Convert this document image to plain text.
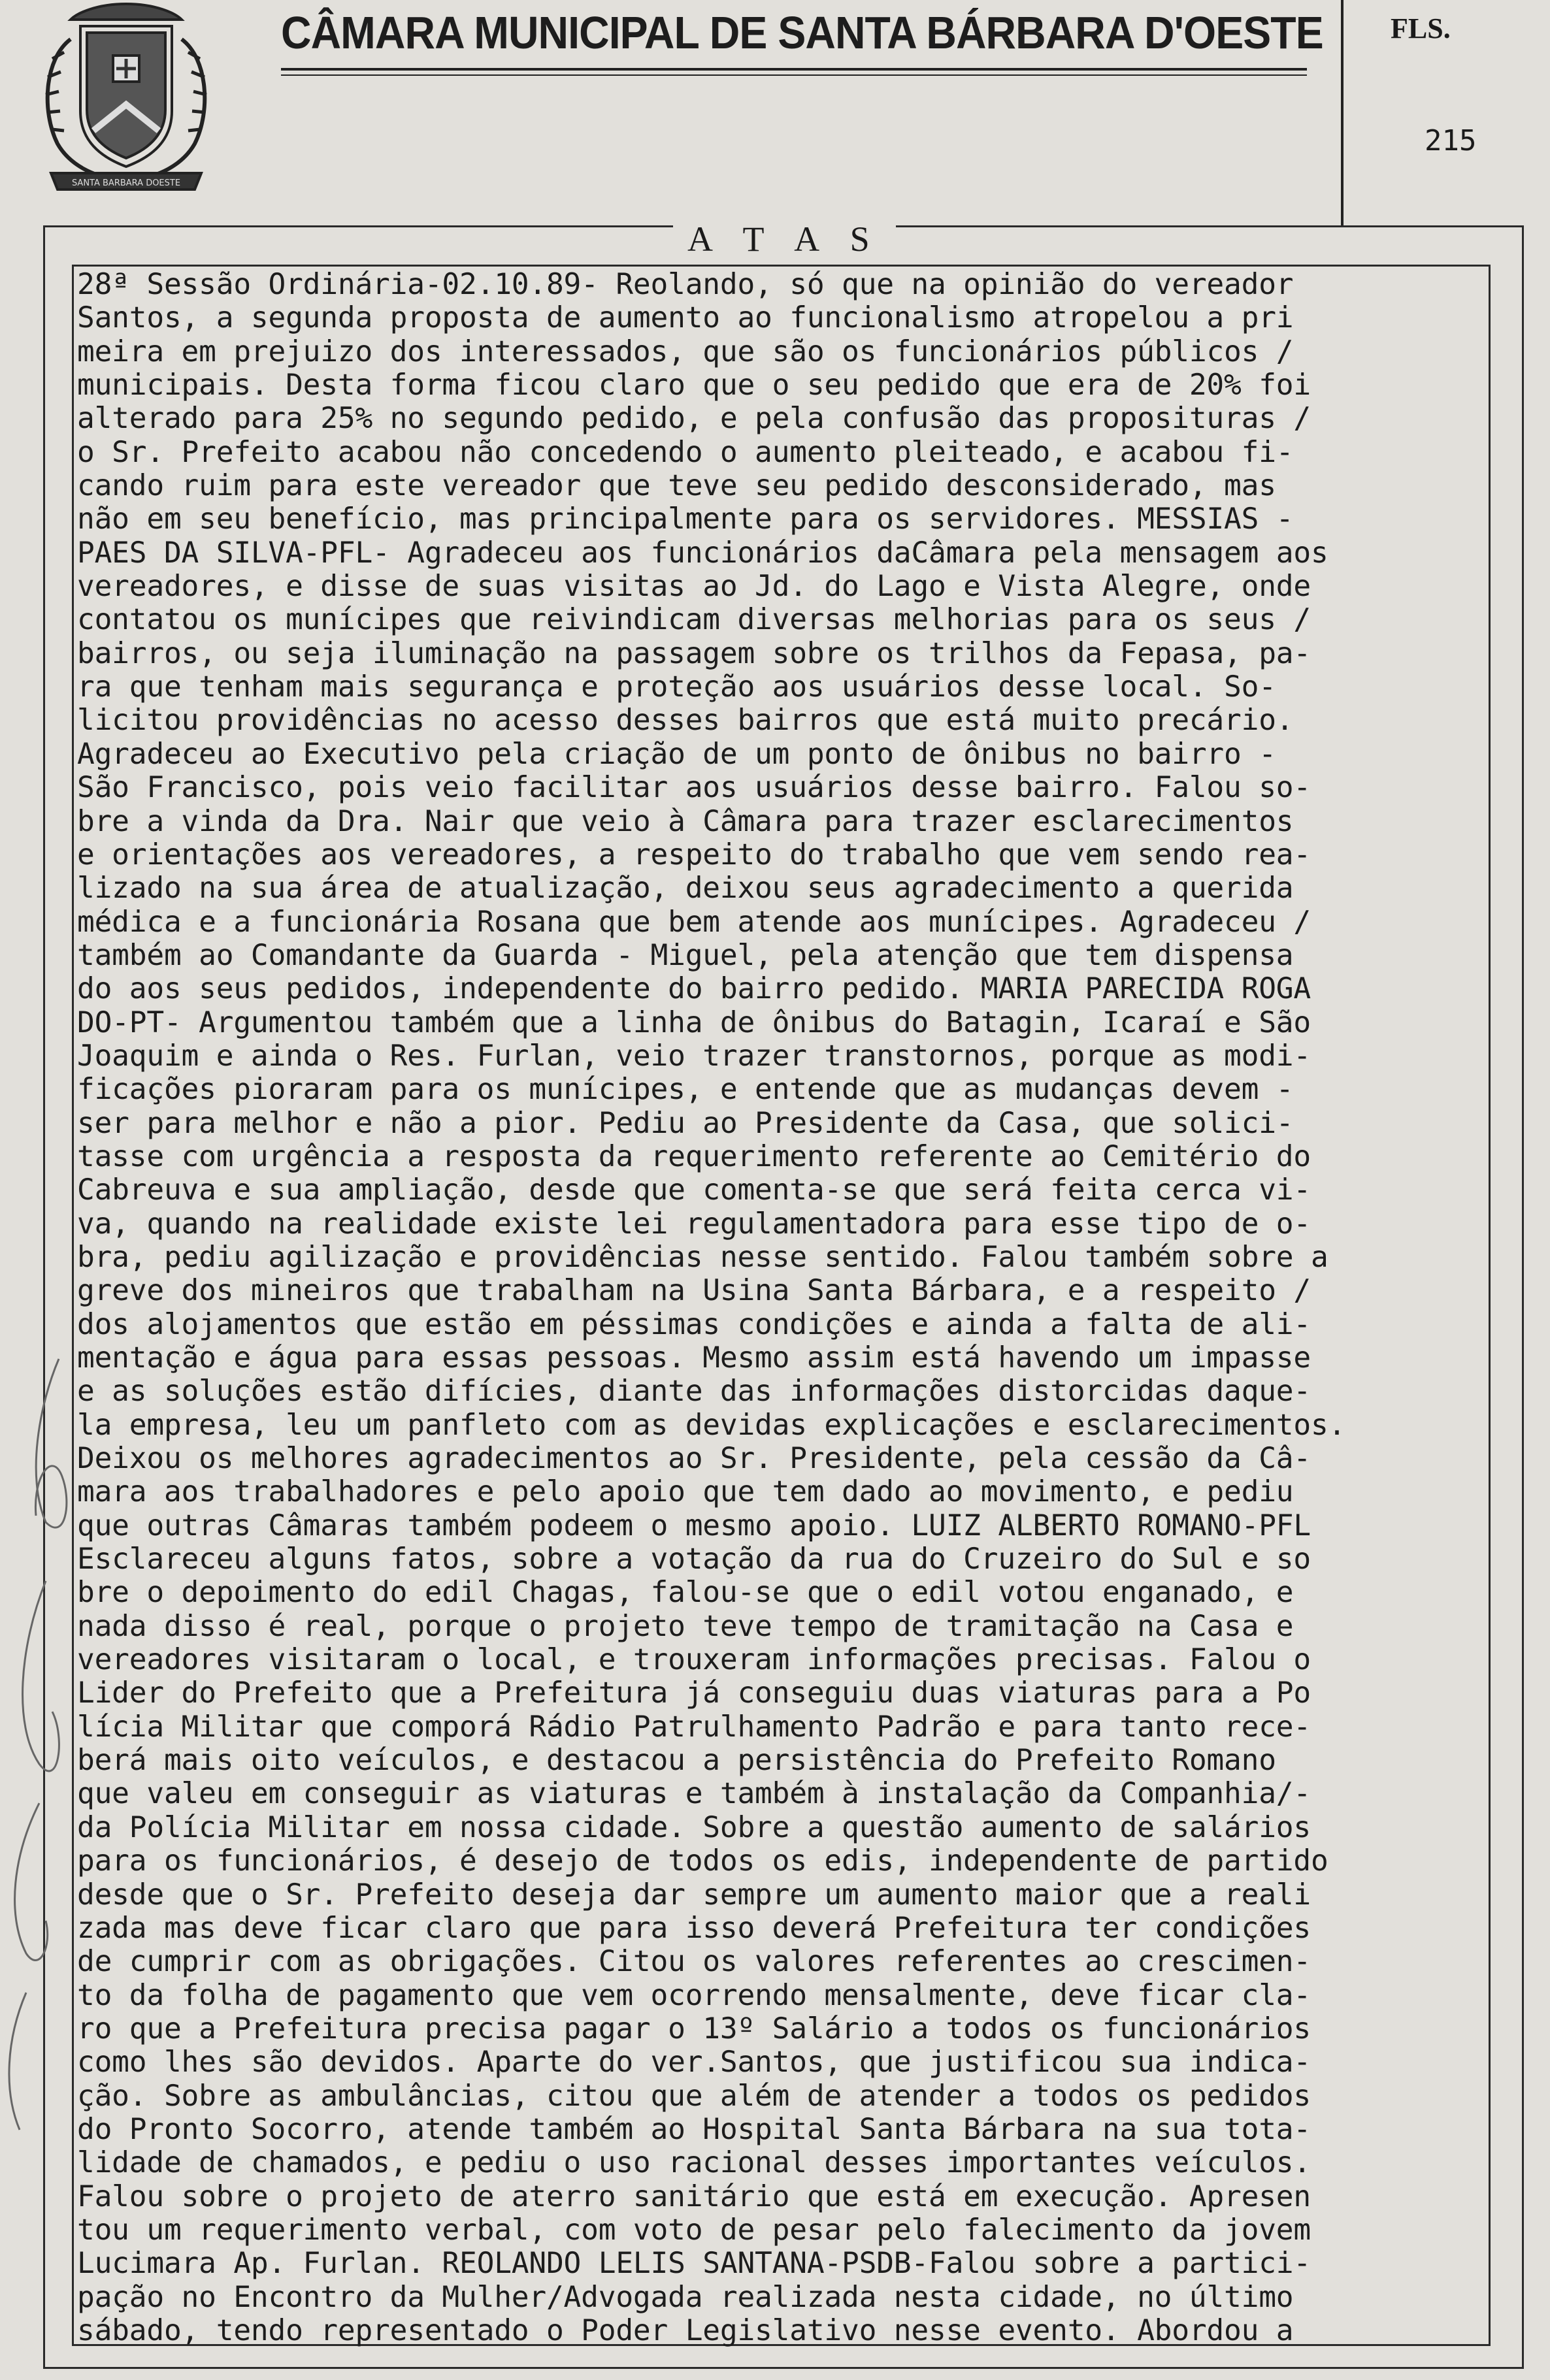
SANTA BARBARA DOESTE
CÂMARA MUNICIPAL DE SANTA BÁRBARA D'OESTE FLS.
215
A T A S
28ª Sessão Ordinária-02.10.89- Reolando, só que na opinião do vereador
Santos, a segunda proposta de aumento ao funcionalismo atropelou a pri
meira em prejuizo dos interessados, que são os funcionários públicos /
municipais. Desta forma ficou claro que o seu pedido que era de 20% foi
alterado para 25% no segundo pedido, e pela confusão das proposituras /
o Sr. Prefeito acabou não concedendo o aumento pleiteado, e acabou fi-
cando ruim para este vereador que teve seu pedido desconsiderado, mas
não em seu benefício, mas principalmente para os servidores. MESSIAS -
PAES DA SILVA-PFL- Agradeceu aos funcionários daCâmara pela mensagem aos
vereadores, e disse de suas visitas ao Jd. do Lago e Vista Alegre, onde
contatou os munícipes que reivindicam diversas melhorias para os seus /
bairros, ou seja iluminação na passagem sobre os trilhos da Fepasa, pa-
ra que tenham mais segurança e proteção aos usuários desse local. So-
licitou providências no acesso desses bairros que está muito precário.
Agradeceu ao Executivo pela criação de um ponto de ônibus no bairro -
São Francisco, pois veio facilitar aos usuários desse bairro. Falou so-
bre a vinda da Dra. Nair que veio à Câmara para trazer esclarecimentos
e orientações aos vereadores, a respeito do trabalho que vem sendo rea-
lizado na sua área de atualização, deixou seus agradecimento a querida
médica e a funcionária Rosana que bem atende aos munícipes. Agradeceu /
também ao Comandante da Guarda - Miguel, pela atenção que tem dispensa
do aos seus pedidos, independente do bairro pedido. MARIA PARECIDA ROGA
DO-PT- Argumentou também que a linha de ônibus do Batagin, Icaraí e São
Joaquim e ainda o Res. Furlan, veio trazer transtornos, porque as modi-
ficações pioraram para os munícipes, e entende que as mudanças devem -
ser para melhor e não a pior. Pediu ao Presidente da Casa, que solici-
tasse com urgência a resposta da requerimento referente ao Cemitério do
Cabreuva e sua ampliação, desde que comenta-se que será feita cerca vi-
va, quando na realidade existe lei regulamentadora para esse tipo de o-
bra, pediu agilização e providências nesse sentido. Falou também sobre a
greve dos mineiros que trabalham na Usina Santa Bárbara, e a respeito /
dos alojamentos que estão em péssimas condições e ainda a falta de ali-
mentação e água para essas pessoas. Mesmo assim está havendo um impasse
e as soluções estão difícies, diante das informações distorcidas daque-
la empresa, leu um panfleto com as devidas explicações e esclarecimentos.
Deixou os melhores agradecimentos ao Sr. Presidente, pela cessão da Câ-
mara aos trabalhadores e pelo apoio que tem dado ao movimento, e pediu
que outras Câmaras também podeem o mesmo apoio. LUIZ ALBERTO ROMANO-PFL
Esclareceu alguns fatos, sobre a votação da rua do Cruzeiro do Sul e so
bre o depoimento do edil Chagas, falou-se que o edil votou enganado, e
nada disso é real, porque o projeto teve tempo de tramitação na Casa e
vereadores visitaram o local, e trouxeram informações precisas. Falou o
Lider do Prefeito que a Prefeitura já conseguiu duas viaturas para a Po
lícia Militar que comporá Rádio Patrulhamento Padrão e para tanto rece-
berá mais oito veículos, e destacou a persistência do Prefeito Romano
que valeu em conseguir as viaturas e também à instalação da Companhia/-
da Polícia Militar em nossa cidade. Sobre a questão aumento de salários
para os funcionários, é desejo de todos os edis, independente de partido
desde que o Sr. Prefeito deseja dar sempre um aumento maior que a reali
zada mas deve ficar claro que para isso deverá Prefeitura ter condições
de cumprir com as obrigações. Citou os valores referentes ao crescimen-
to da folha de pagamento que vem ocorrendo mensalmente, deve ficar cla-
ro que a Prefeitura precisa pagar o 13º Salário a todos os funcionários
como lhes são devidos. Aparte do ver.Santos, que justificou sua indica-
ção. Sobre as ambulâncias, citou que além de atender a todos os pedidos
do Pronto Socorro, atende também ao Hospital Santa Bárbara na sua tota-
lidade de chamados, e pediu o uso racional desses importantes veículos.
Falou sobre o projeto de aterro sanitário que está em execução. Apresen
tou um requerimento verbal, com voto de pesar pelo falecimento da jovem
Lucimara Ap. Furlan. REOLANDO LELIS SANTANA-PSDB-Falou sobre a partici-
pação no Encontro da Mulher/Advogada realizada nesta cidade, no último
sábado, tendo representado o Poder Legislativo nesse evento. Abordou a
